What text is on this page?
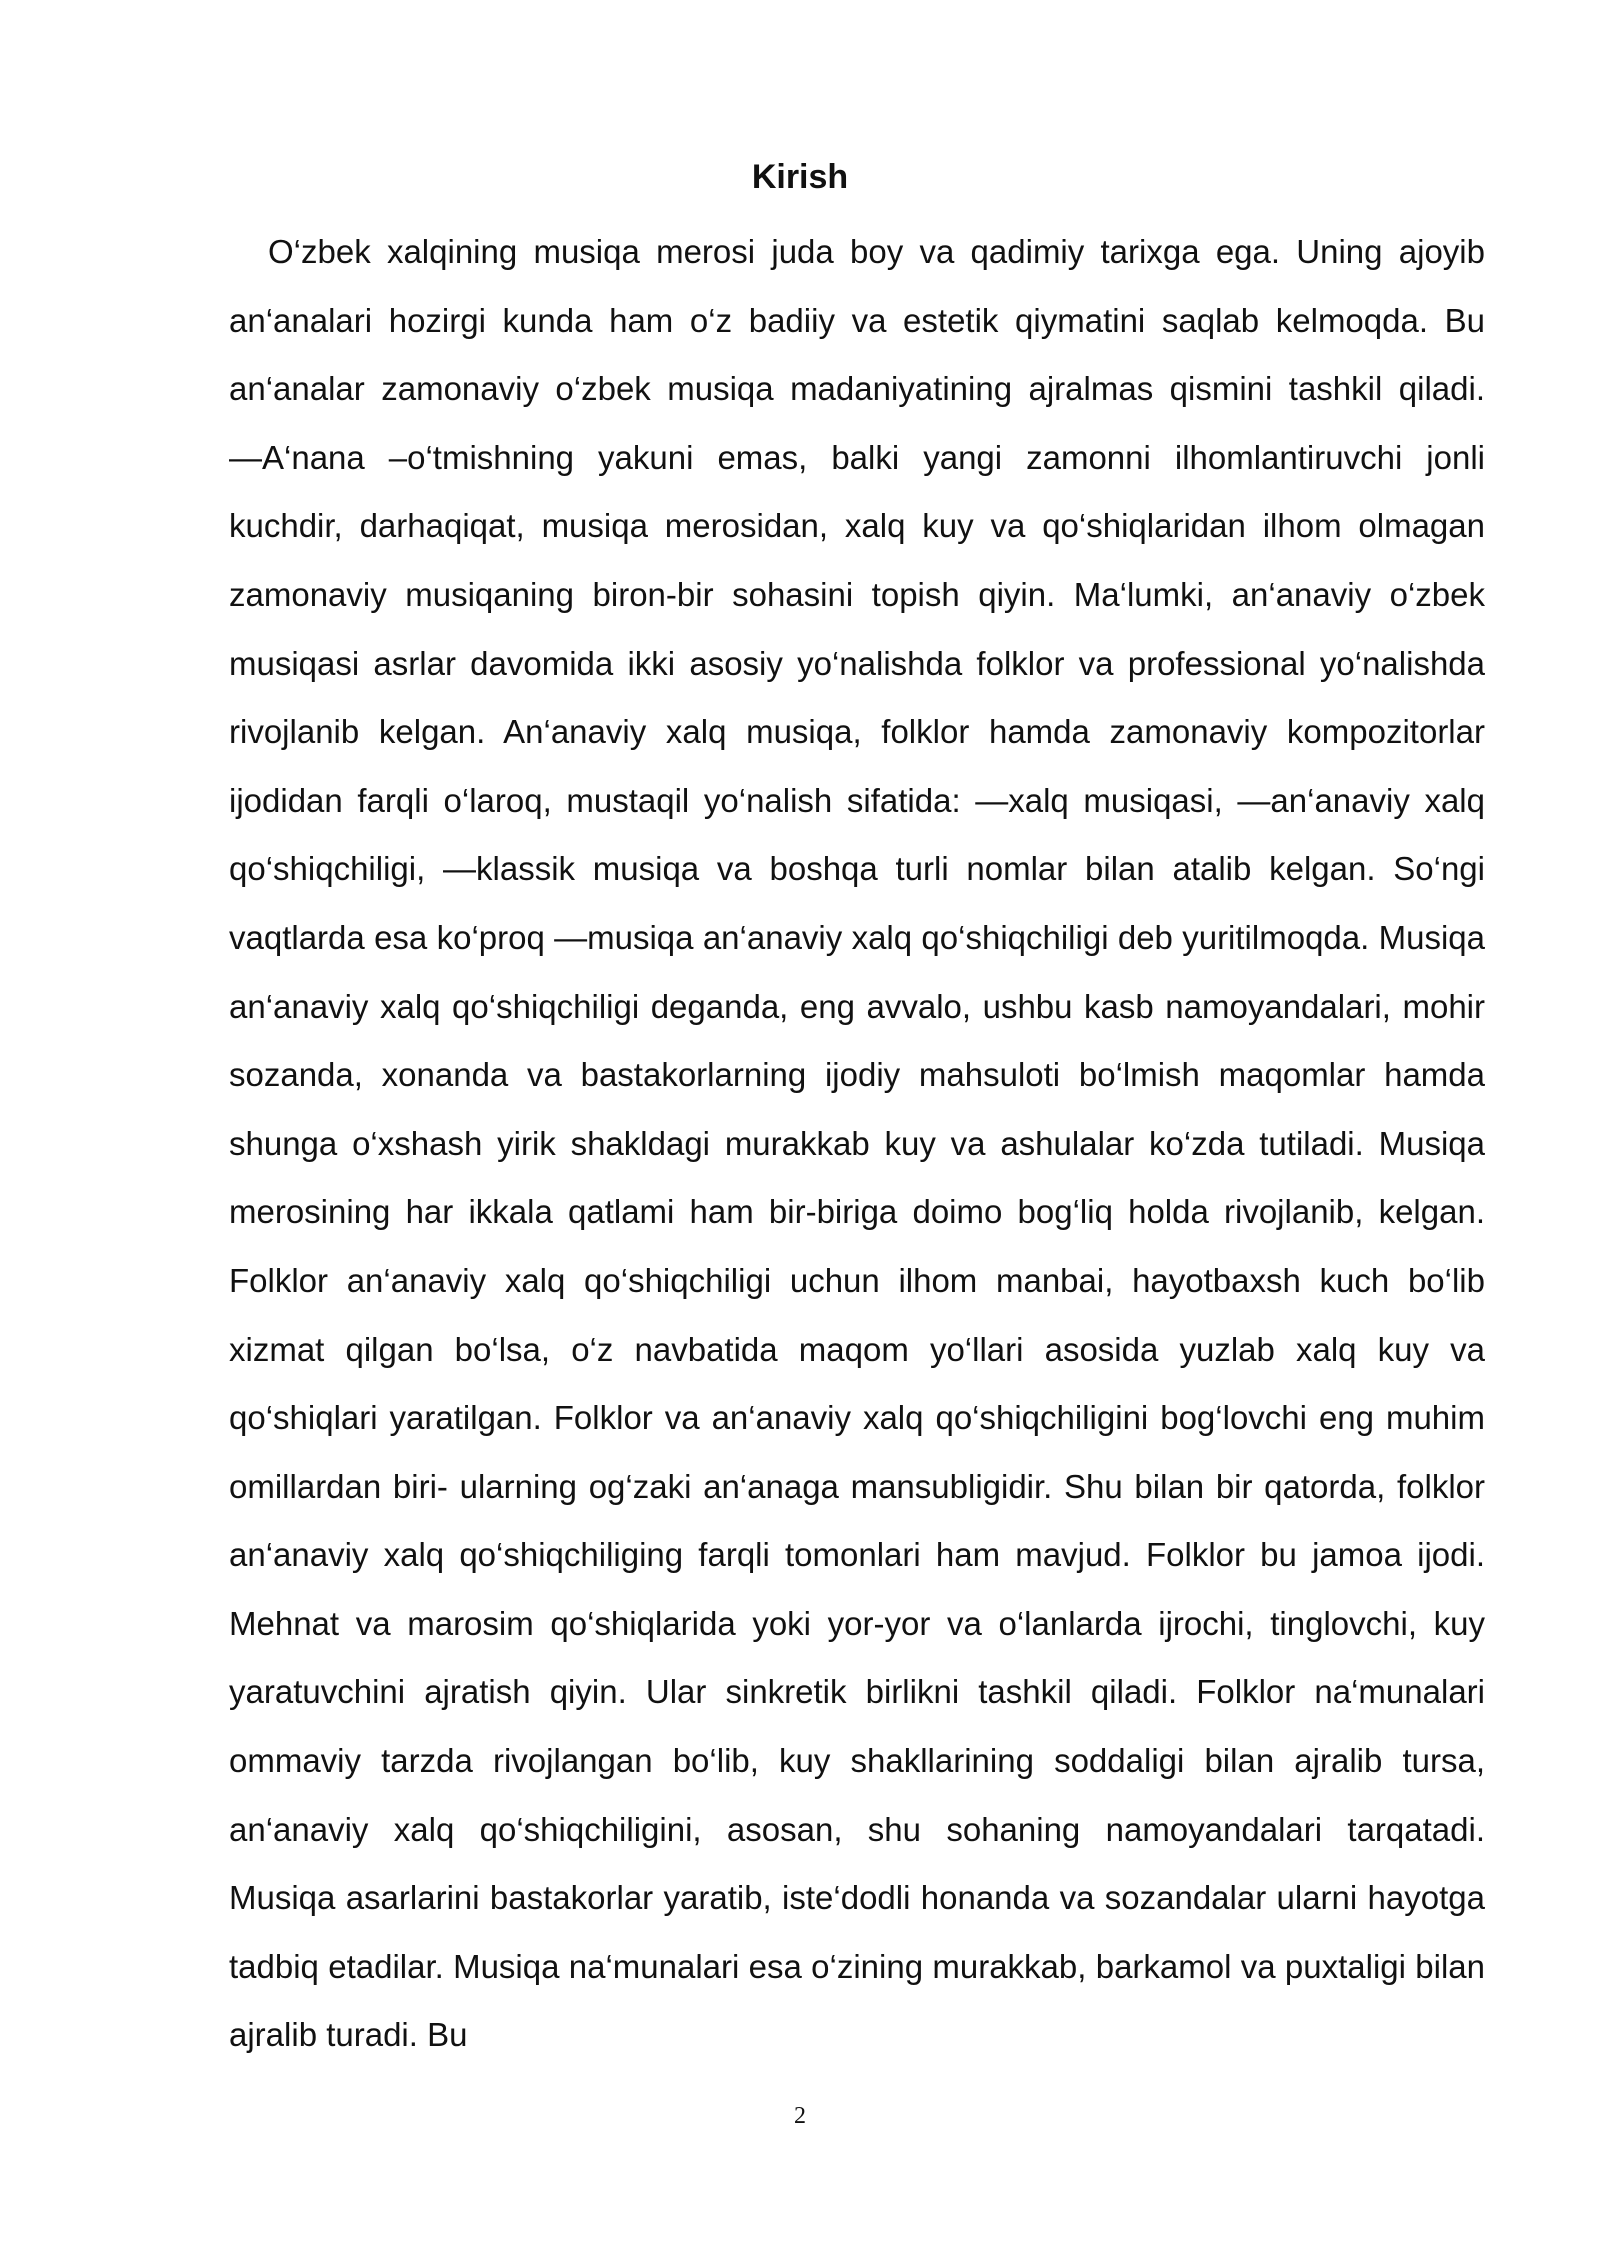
Kirish

O‘zbek xalqining musiqa merosi juda boy va qadimiy tarixga ega. Uning ajoyib an‘analari hozirgi kunda ham o‘z badiiy va estetik qiymatini saqlab kelmoqda. Bu an‘analar zamonaviy o‘zbek musiqa madaniyatining ajralmas qismini tashkil qiladi. ―A‘nana –o‘tmishning yakuni emas, balki yangi zamonni ilhomlantiruvchi jonli kuchdir, darhaqiqat, musiqa merosidan, xalq kuy va qo‘shiqlaridan ilhom olmagan zamonaviy musiqaning biron-bir sohasini topish qiyin. Ma‘lumki, an‘anaviy o‘zbek musiqasi asrlar davomida ikki asosiy yo‘nalishda folklor va professional yo‘nalishda rivojlanib kelgan. An‘anaviy xalq musiqa, folklor hamda zamonaviy kompozitorlar ijodidan farqli o‘laroq, mustaqil yo‘nalish sifatida: ―xalq musiqasi, ―an‘anaviy xalq qo‘shiqchiligi, ―klassik musiqa va boshqa turli nomlar bilan atalib kelgan. So‘ngi vaqtlarda esa ko‘proq ―musiqa an‘anaviy xalq qo‘shiqchiligi deb yuritilmoqda. Musiqa an‘anaviy xalq qo‘shiqchiligi deganda, eng avvalo, ushbu kasb namoyandalari, mohir sozanda, xonanda va bastakorlarning ijodiy mahsuloti bo‘lmish maqomlar hamda shunga o‘xshash yirik shakldagi murakkab kuy va ashulalar ko‘zda tutiladi. Musiqa merosining har ikkala qatlami ham bir-biriga doimo bog‘liq holda rivojlanib, kelgan. Folklor an‘anaviy xalq qo‘shiqchiligi uchun ilhom manbai, hayotbaxsh kuch bo‘lib xizmat qilgan bo‘lsa, o‘z navbatida maqom yo‘llari asosida yuzlab xalq kuy va qo‘shiqlari yaratilgan. Folklor va an‘anaviy xalq qo‘shiqchiligini bog‘lovchi eng muhim omillardan biri- ularning og‘zaki an‘anaga mansubligidir. Shu bilan bir qatorda, folklor an‘anaviy xalq qo‘shiqchiliging farqli tomonlari ham mavjud. Folklor bu jamoa ijodi. Mehnat va marosim qo‘shiqlarida yoki yor-yor va o‘lanlarda ijrochi, tinglovchi, kuy yaratuvchini ajratish qiyin. Ular sinkretik birlikni tashkil qiladi. Folklor na‘munalari ommaviy tarzda rivojlangan bo‘lib, kuy shakllarining soddaligi bilan ajralib tursa, an‘anaviy xalq qo‘shiqchiligini, asosan, shu sohaning namoyandalari tarqatadi. Musiqa asarlarini bastakorlar yaratib, iste‘dodli honanda va sozandalar ularni hayotga tadbiq etadilar. Musiqa na‘munalari esa o‘zining murakkab, barkamol va puxtaligi bilan ajralib turadi. Bu

2
